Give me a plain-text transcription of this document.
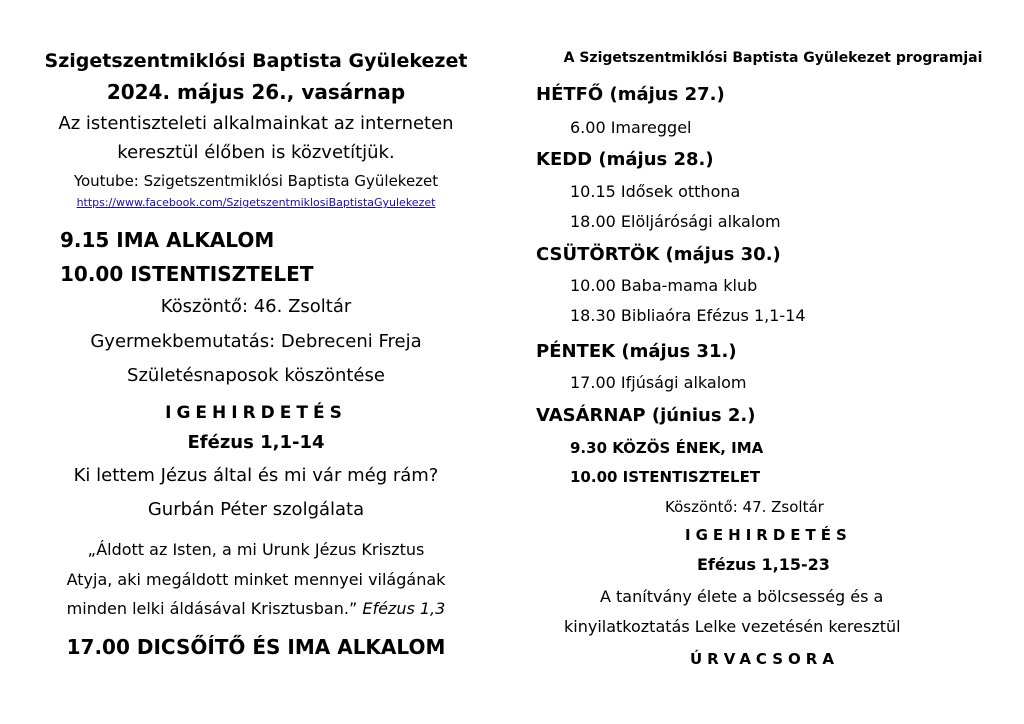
Szigetszentmiklósi Baptista Gyülekezet
2024. május 26., vasárnap
Az istentiszteleti alkalmainkat az interneten
keresztül élőben is közvetítjük.
Youtube: Szigetszentmiklósi Baptista Gyülekezet
https://www.facebook.com/SzigetszentmiklosiBaptistaGyulekezet
9.15 IMA ALKALOM
10.00 ISTENTISZTELET
Köszöntő: 46. Zsoltár
Gyermekbemutatás: Debreceni Freja
Születésnaposok köszöntése
IGEHIRDETÉS
Efézus 1,1-14
Ki lettem Jézus által és mi vár még rám?
Gurbán Péter szolgálata
„Áldott az Isten, a mi Urunk Jézus Krisztus
Atyja, aki megáldott minket mennyei világának
minden lelki áldásával Krisztusban.” Efézus 1,3
17.00 DICSŐÍTŐ ÉS IMA ALKALOM
A Szigetszentmiklósi Baptista Gyülekezet programjai
HÉTFŐ (május 27.)
6.00 Imareggel
KEDD (május 28.)
10.15 Idősek otthona
18.00 Elöljárósági alkalom
CSÜTÖRTÖK (május 30.)
10.00 Baba-mama klub
18.30 Bibliaóra Efézus 1,1-14
PÉNTEK (május 31.)
17.00 Ifjúsági alkalom
VASÁRNAP (június 2.)
9.30 KÖZÖS ÉNEK, IMA
10.00 ISTENTISZTELET
Köszöntő: 47. Zsoltár
IGEHIRDETÉS
Efézus 1,15-23
A tanítvány élete a bölcsesség és a
kinyilatkoztatás Lelke vezetésén keresztül
ÚRVACSORA
